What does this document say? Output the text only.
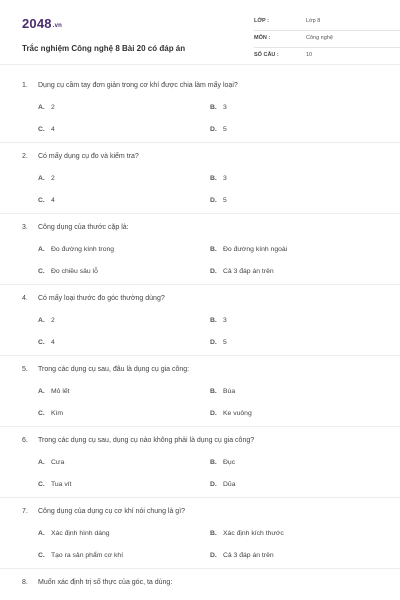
2048.vn
Trắc nghiệm Công nghệ 8 Bài 20 có đáp án
LỚP :	Lớp 8
MÔN :	Công nghệ
SỐ CÂU :	10
1. Dụng cụ cầm tay đơn giản trong cơ khí được chia làm mấy loại?
A. 2	B. 3
C. 4	D. 5
2. Có mấy dụng cụ đo và kiểm tra?
A. 2	B. 3
C. 4	D. 5
3. Công dụng của thước cặp là:
A. Đo đường kính trong	B. Đo đường kính ngoài
C. Đo chiều sâu lỗ	D. Cả 3 đáp án trên
4. Có mấy loại thước đo góc thường dùng?
A. 2	B. 3
C. 4	D. 5
5. Trong các dụng cụ sau, đâu là dụng cụ gia công:
A. Mỏ lết	B. Búa
C. Kìm	D. Ke vuông
6. Trong các dụng cụ sau, dụng cụ nào không phải là dụng cụ gia công?
A. Cưa	B. Đục
C. Tua vít	D. Dũa
7. Công dụng của dụng cụ cơ khí nói chung là gì?
A. Xác định hình dáng	B. Xác định kích thước
C. Tạo ra sản phẩm cơ khí	D. Cả 3 đáp án trên
8. Muốn xác định trị số thực của góc, ta dùng:
